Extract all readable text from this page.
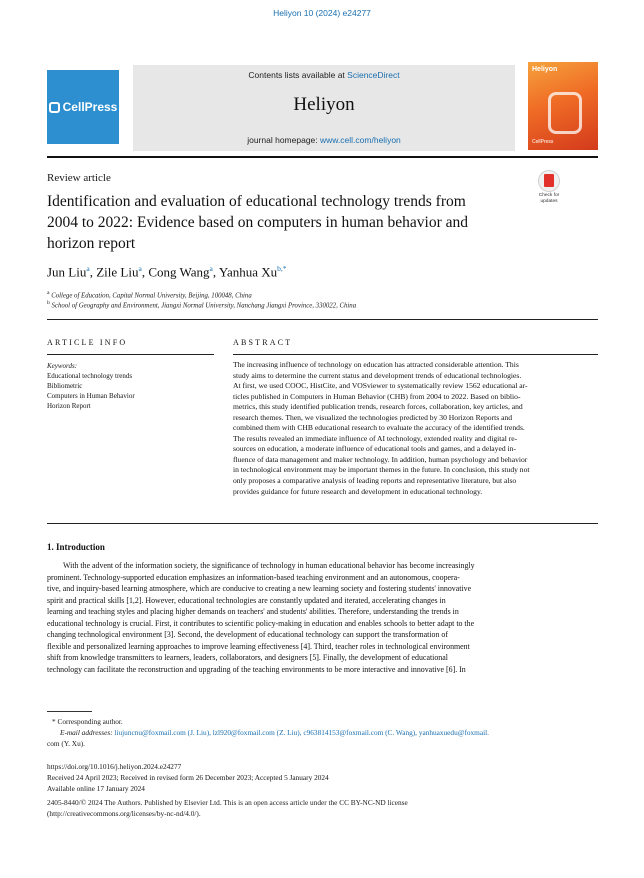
Heliyon 10 (2024) e24277
CellPress
Contents lists available at ScienceDirect
Heliyon
journal homepage: www.cell.com/heliyon
Heliyon
CellPress
Review article
Identification and evaluation of educational technology trends from 2004 to 2022: Evidence based on computers in human behavior and horizon report
Check for
updates
Jun Liu$^a$, Zile Liu$^a$, Cong Wang$^a$, Yanhua $Xu^{b,*}$
$^a$ College of Education, Capital Normal University, Beijing, 100048, China
$^b$ School of Geography and Environment, Jiangxi Normal University, Nanchang Jiangxi Province, 330022, China
ARTICLE INFO	ABSTRACT
Keywords:
Educational technology trends
Bibliometric
Computers in Human Behavior
Horizon Report
The increasing influence of technology on education has attracted considerable attention. This
study aims to determine the current status and development trends of educational technologies.
At first, we used COOC, HistCite, and VOSviewer to systematically review 1562 educational ar-
ticles published in Computers in Human Behavior (CHB) from 2004 to 2022. Based on biblio-
metrics, this study identified publication trends, research forces, collaboration, key articles, and
research themes. Then, we visualized the technologies predicted by 30 Horizon Reports and
combined them with CHB educational research to evaluate the accuracy of the identified trends.
The results revealed an immediate influence of AI technology, extended reality and digital re-
sources on education, a moderate influence of educational tools and games, and a delayed in-
fluence of data management and maker technology. In addition, human psychology and behavior
in technological environment may be important themes in the future. In conclusion, this study not
only proposes a comparative analysis of leading reports and representative literature, but also
provides guidance for future research and development in educational technology.
1. Introduction
With the advent of the information society, the significance of technology in human educational behavior has become increasingly
prominent. Technology-supported education emphasizes an information-based teaching environment and an autonomous, coopera-
tive, and inquiry-based learning atmosphere, which are conducive to creating a new learning society and fostering students' innovative
spirit and practical skills [1,2]. However, educational technologies are constantly updated and iterated, accelerating changes in
learning and teaching styles and placing higher demands on teachers' and students' abilities. Therefore, understanding the trends in
educational technology is crucial. First, it contributes to scientific policy-making in education and enables schools to better adapt to the
changing technological environment [3]. Second, the development of educational technology can support the transformation of
flexible and personalized learning approaches to improve learning effectiveness [4]. Third, teacher roles in technological environment
shift from knowledge transmitters to learners, leaders, collaborators, and designers [5]. Finally, the development of educational
technology can facilitate the reconstruction and upgrading of the teaching environments to be more interactive and innovative [6]. In
* Corresponding author.
E-mail addresses: liujuncnu@foxmail.com (J. Liu), lzl920@foxmail.com (Z. Liu), c963814153@foxmail.com (C. Wang), yanhuaxuedu@foxmail.
com (Y. Xu).
https://doi.org/10.1016/j.heliyon.2024.e24277
Received 24 April 2023; Received in revised form 26 December 2023; Accepted 5 January 2024
Available online 17 January 2024
2405-8440/© 2024 The Authors. Published by Elsevier Ltd. This is an open access article under the CC BY-NC-ND license
(http://creativecommons.org/licenses/by-nc-nd/4.0/).
